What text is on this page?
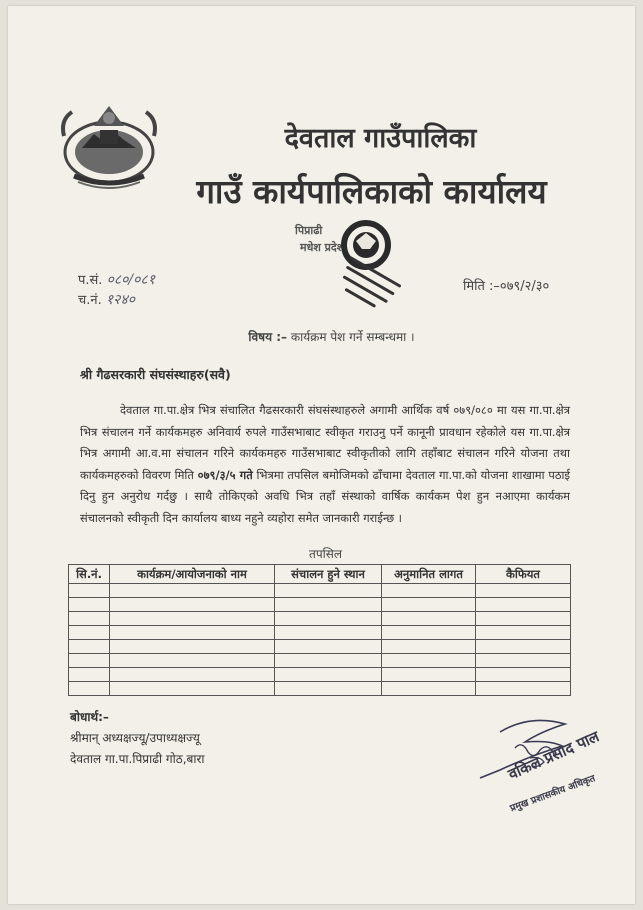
देवताल गाउँपालिका
गाउँ कार्यपालिकाको कार्यालय
पिप्राढी
मधेश प्रदेश
प.सं. ०८०/०८१
च.नं. १२४०
मिति :–०७९/२/३०
विषय :– कार्यक्रम पेश गर्ने सम्बन्धमा ।
श्री गैढसरकारी संघसंस्थाहरु(सवै)
देवताल गा.पा.क्षेत्र भित्र संचालित गैढसरकारी संघसंस्थाहरुले अगामी आर्थिक वर्ष ०७९/०८० मा यस गा.पा.क्षेत्र भित्र संचालन गर्ने कार्यकमहरु अनिवार्य रुपले गाउँसभाबाट स्वीकृत गराउनु पर्ने कानूनी प्रावधान रहेकोले यस गा.पा.क्षेत्र भित्र अगामी आ.व.मा संचालन गरिने कार्यकमहरु गाउँसभाबाट स्वीकृतीको लागि तहाँबाट संचालन गरिने योजना तथा कार्यकमहरुको विवरण मिति ०७९/३/५ गते भित्रमा तपसिल बमोजिमको ढाँचामा देवताल गा.पा.को योजना शाखामा पठाई दिनु हुन अनुरोध गर्दछु । साथै तोकिएको अवधि भित्र तहाँ संस्थाको वार्षिक कार्यकम पेश हुन नआएमा कार्यकम संचालनको स्वीकृती दिन कार्यालय बाध्य नहुने व्यहोरा समेत जानकारी गराईन्छ ।
तपसिल
सि.नं.	कार्यक्रम/आयोजनाको नाम	संचालन हुने स्थान	अनुमानित लागत	कैफियत

बोधार्थ:–
श्रीमान् अध्यक्षज्यू/उपाध्यक्षज्यू
देवताल गा.पा.पिप्राढी गोठ,बारा	वकिल प्रसाद पाल
प्रमुख प्रशासकीय अधिकृत
